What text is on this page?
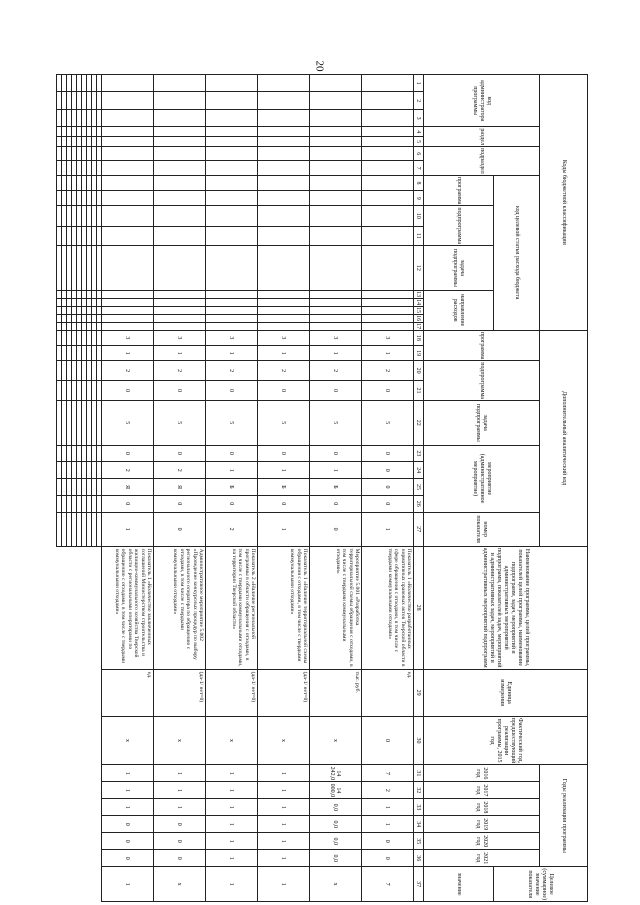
20
Коды бюджетной классификации																	Дополнительный аналитический код										Наименование программы, целей программы, показателей целей программы, наименование подпрограмм, задач, мероприятий и административных мероприятий подпрограмм, показателей задач, мероприятий и административных задач, мероприятий и административных мероприятий подпрограмм	Единица измерения	Фактический год, предшествующий реализации программы, 2015 год	Годы реализации программы						Целевое (суммарное) значение показателя
код администратора программы			раздел		подраздел		код целевой статьи расхода бюджета										программа		подпрограмма		задача подпрограммы	мероприятие (административное мероприятие)				номер показателя				2016 год	2017 год	2018 год	2019 год	2020 год	2021 год	
							программа		подпрограмма		задача подпрограммы	направление расходов																								значение
1	2	3	4	5	6	7	8	9	10	11	12	13	14	15	16	17	18	19	20	21	22	23	24	25	26	27	28	29	30	31	32	33	34	35	36	37
																	3	1	2	0	5	0	0	0	0	1	Показатель 1 «Количество разработанных нормативных правовых актов Тверской области в сфере обращения с отходами, в том числе с твердыми коммунальными отходами»	ед.	0	7	2	1	1	0	0	7
																	3	1	2	0	5	0	1	Б	0	0	Мероприятие 5.001 «Разработка территориальной схемы обращения с отходами, в том числе с твердыми коммунальными отходами»	тыс. руб.	х	14 242,0	14 000,0	0,0	0,0	0,0	0,0	х
																	3	1	2	0	5	0	1	Б	0	1	Показатель 1 «Наличие территориальной схемы обращения с отходами, в том числе с твердыми коммунальными отходами»	(да-1/ нет=0)	х	1	1	1	1	1	1	1
																	3	1	2	0	5	0	1	Б	0	2	Показатель 2 «Наличие региональной программы в области обращения с отходами, в том числе с твердыми коммунальными отходами, на территории Тверской области»	(да-1/ нет=0)	х	1	1	1	1	1	1	1
																	3	1	2	0	5	0	2	Я	0	0	Административное мероприятие 5.002 «Проведение конкурсных процедур по выбору регионального оператора по обращению с отходами, в том числе с твердыми коммунальными отходами»	(да-1/ нет=0)	х	1	1	1	0	0	0	х
																	3	1	2	0	5	0	2	Я	0	1	Показатель 1 «Количество заключенных соглашений Министерством строительства и жилищно-коммунального хозяйства Тверской области с региональными операторами по обращению с отходами, в том числе с твердыми коммунальными отходами»	ед.	х	1	1	1	0	0	0	1
